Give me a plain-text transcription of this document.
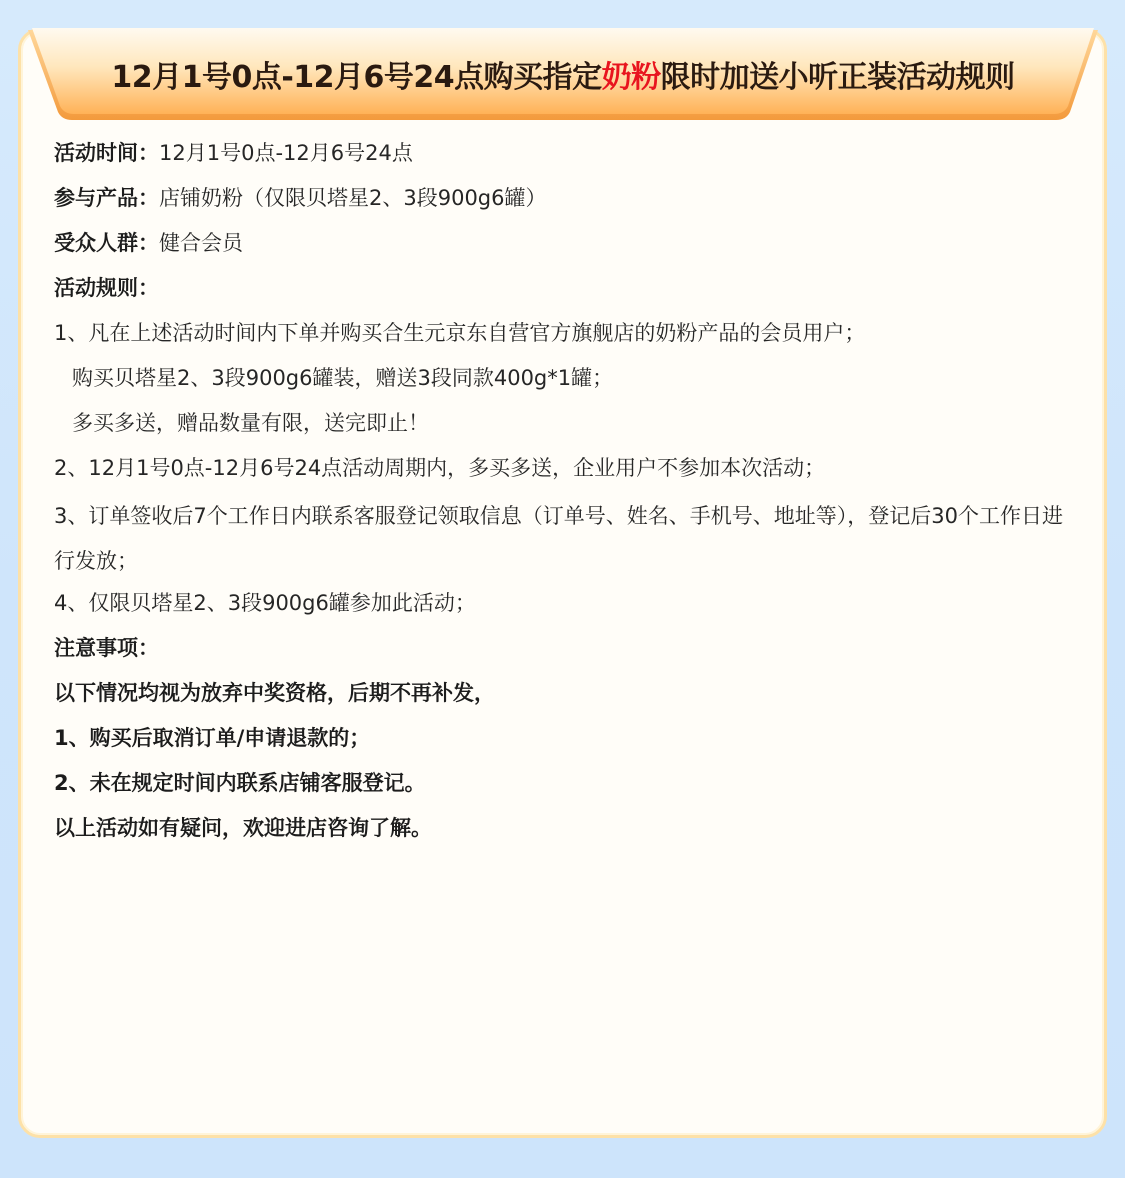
12月1号0点-12月6号24点购买指定奶粉限时加送小听正装活动规则
活动时间：12月1号0点-12月6号24点
参与产品：店铺奶粉（仅限贝塔星2、3段900g6罐）
受众人群：健合会员
活动规则：
1、凡在上述活动时间内下单并购买合生元京东自营官方旗舰店的奶粉产品的会员用户；
购买贝塔星2、3段900g6罐装，赠送3段同款400g*1罐；
多买多送，赠品数量有限，送完即止！
2、12月1号0点-12月6号24点活动周期内，多买多送，企业用户不参加本次活动；
3、订单签收后7个工作日内联系客服登记领取信息（订单号、姓名、手机号、地址等），登记后30个工作日进行发放；
4、仅限贝塔星2、3段900g6罐参加此活动；
注意事项：
以下情况均视为放弃中奖资格，后期不再补发，
1、购买后取消订单/申请退款的；
2、未在规定时间内联系店铺客服登记。
以上活动如有疑问，欢迎进店咨询了解。
